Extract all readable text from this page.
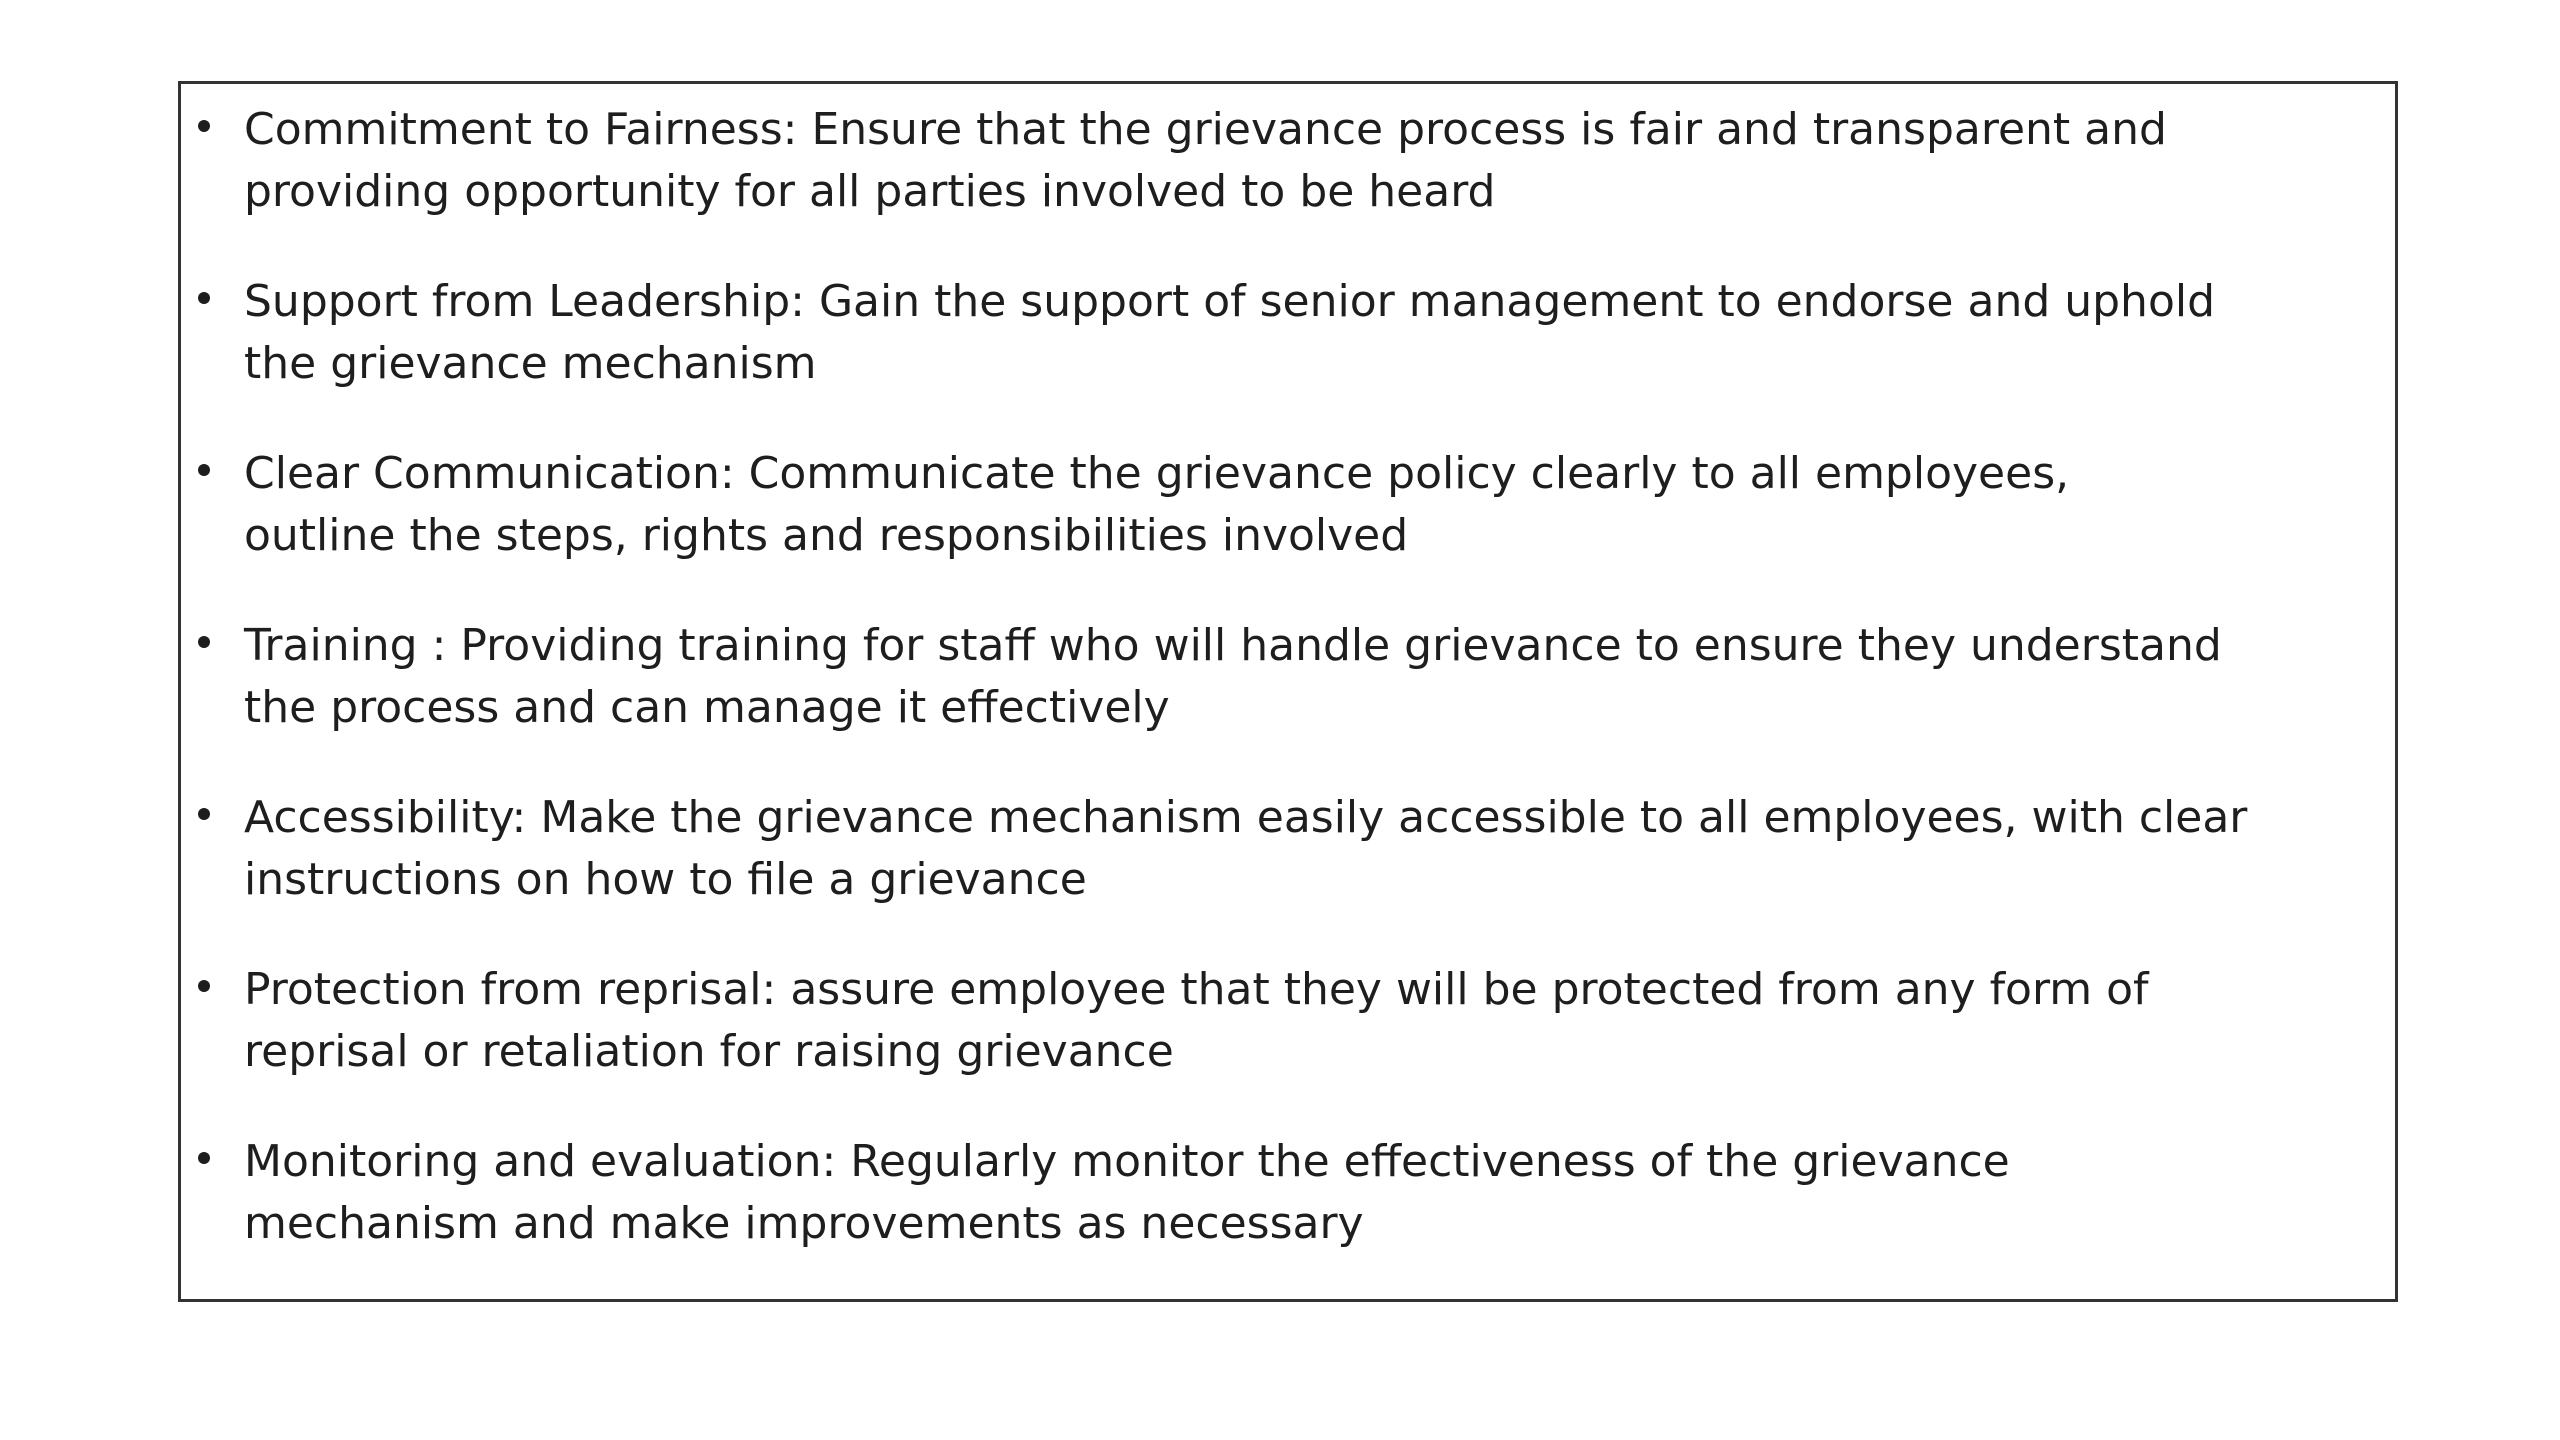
Commitment to Fairness: Ensure that the grievance process is fair and transparent and
providing opportunity for all parties involved to be heard
Support from Leadership: Gain the support of senior management to endorse and uphold
the grievance mechanism
Clear Communication: Communicate the grievance policy clearly to all employees,
outline the steps, rights and responsibilities involved
Training : Providing training for staff who will handle grievance to ensure they understand
the process and can manage it effectively
Accessibility: Make the grievance mechanism easily accessible to all employees, with clear
instructions on how to file a grievance
Protection from reprisal: assure employee that they will be protected from any form of
reprisal or retaliation for raising grievance
Monitoring and evaluation: Regularly monitor the effectiveness of the grievance
mechanism and make improvements as necessary
